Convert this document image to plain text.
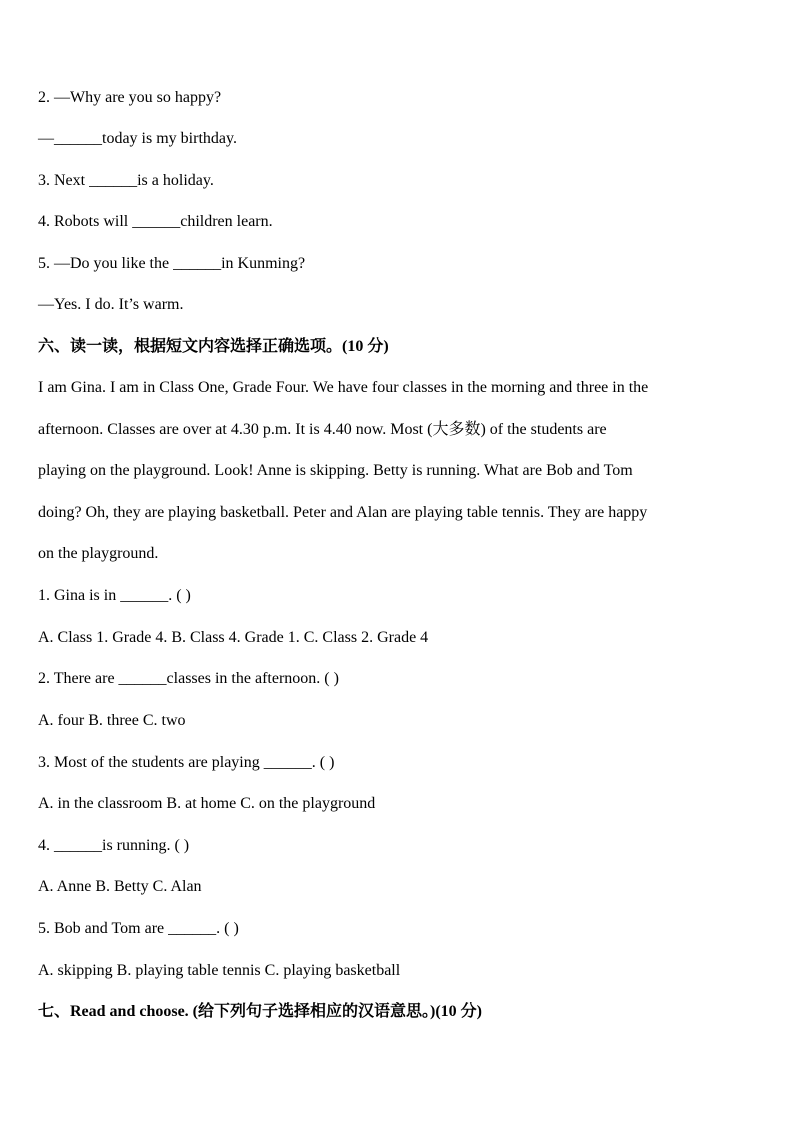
2. —Why are you so happy?
—______today is my birthday.
3. Next ______is a holiday.
4. Robots will ______children learn.
5. —Do you like the ______in Kunming?
—Yes. I do. It’s warm.
六、读一读，根据短文内容选择正确选项。(10 分)
I am Gina. I am in Class One, Grade Four. We have four classes in the morning and three in the
afternoon. Classes are over at 4.30 p.m. It is 4.40 now. Most (大多数) of the students are
playing on the playground. Look! Anne is skipping. Betty is running. What are Bob and Tom
doing? Oh, they are playing basketball. Peter and Alan are playing table tennis. They are happy
on the playground.
1. Gina is in ______. ( )
A. Class 1. Grade 4. B. Class 4. Grade 1. C. Class 2. Grade 4
2. There are ______classes in the afternoon. ( )
A. four B. three C. two
3. Most of the students are playing ______. ( )
A. in the classroom B. at home C. on the playground
4. ______is running. ( )
A. Anne B. Betty C. Alan
5. Bob and Tom are ______. ( )
A. skipping B. playing table tennis C. playing basketball
七、Read and choose. (给下列句子选择相应的汉语意思。)(10 分)
